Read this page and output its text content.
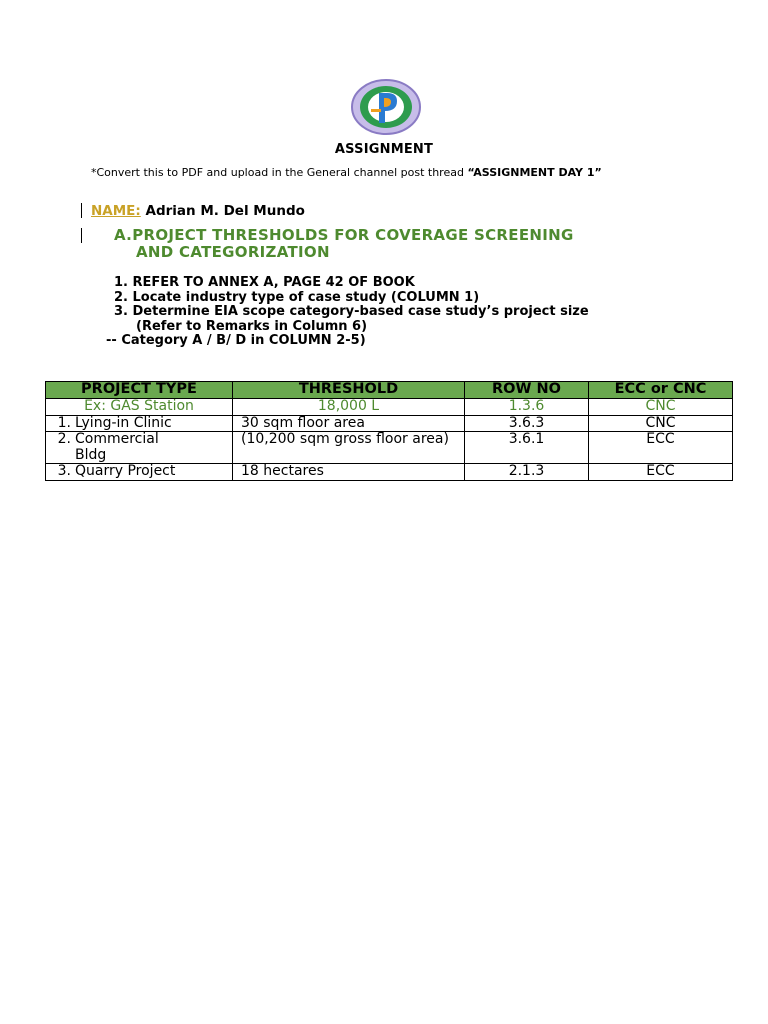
ASSIGNMENT
*Convert this to PDF and upload in the General channel post thread “ASSIGNMENT DAY 1”
NAME: Adrian M. Del Mundo
A.PROJECT THRESHOLDS FOR COVERAGE SCREENING
AND CATEGORIZATION
1. REFER TO ANNEX A, PAGE 42 OF BOOK
2. Locate industry type of case study (COLUMN 1)
3. Determine EIA scope category-based case study’s project size
(Refer to Remarks in Column 6)
-- Category A / B/ D in COLUMN 2-5)
PROJECT TYPE	THRESHOLD	ROW NO	ECC or CNC
Ex: GAS Station	18,000 L	1.3.6	CNC
1. Lying-in Clinic	30 sqm floor area	3.6.3	CNC
2. Commercial
Bldg	(10,200 sqm gross floor area)	3.6.1	ECC
3. Quarry Project	18 hectares	2.1.3	ECC
